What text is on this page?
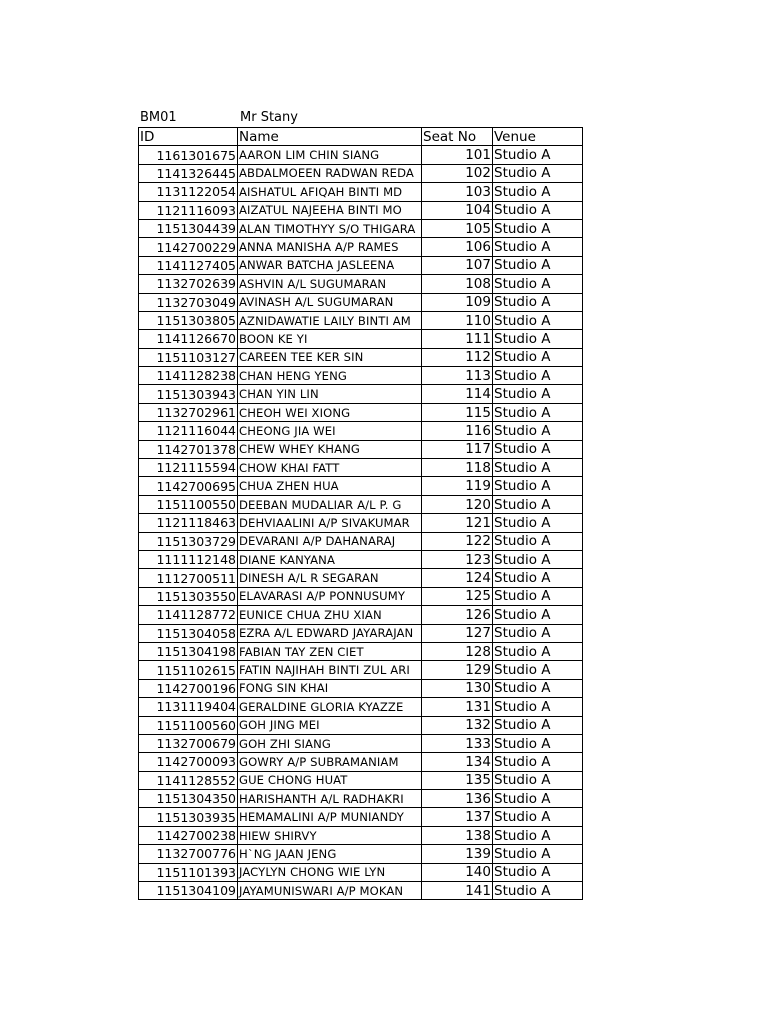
BM01	Mr Stany
ID	Name	Seat No	Venue
1161301675	AARON LIM CHIN SIANG	101	Studio A
1141326445	ABDALMOEEN RADWAN REDA	102	Studio A
1131122054	AISHATUL AFIQAH BINTI MD	103	Studio A
1121116093	AIZATUL NAJEEHA BINTI MO	104	Studio A
1151304439	ALAN TIMOTHYY S/O THIGARA	105	Studio A
1142700229	ANNA MANISHA A/P RAMES	106	Studio A
1141127405	ANWAR BATCHA JASLEENA	107	Studio A
1132702639	ASHVIN A/L SUGUMARAN	108	Studio A
1132703049	AVINASH A/L SUGUMARAN	109	Studio A
1151303805	AZNIDAWATIE LAILY BINTI AM	110	Studio A
1141126670	BOON KE YI	111	Studio A
1151103127	CAREEN TEE KER SIN	112	Studio A
1141128238	CHAN HENG YENG	113	Studio A
1151303943	CHAN YIN LIN	114	Studio A
1132702961	CHEOH WEI XIONG	115	Studio A
1121116044	CHEONG JIA WEI	116	Studio A
1142701378	CHEW WHEY KHANG	117	Studio A
1121115594	CHOW KHAI FATT	118	Studio A
1142700695	CHUA ZHEN HUA	119	Studio A
1151100550	DEEBAN MUDALIAR A/L P. G	120	Studio A
1121118463	DEHVIAALINI A/P SIVAKUMAR	121	Studio A
1151303729	DEVARANI A/P DAHANARAJ	122	Studio A
1111112148	DIANE KANYANA	123	Studio A
1112700511	DINESH A/L R SEGARAN	124	Studio A
1151303550	ELAVARASI A/P PONNUSUMY	125	Studio A
1141128772	EUNICE CHUA ZHU XIAN	126	Studio A
1151304058	EZRA A/L EDWARD JAYARAJAN	127	Studio A
1151304198	FABIAN TAY ZEN CIET	128	Studio A
1151102615	FATIN NAJIHAH BINTI ZUL ARI	129	Studio A
1142700196	FONG SIN KHAI	130	Studio A
1131119404	GERALDINE GLORIA KYAZZE	131	Studio A
1151100560	GOH JING MEI	132	Studio A
1132700679	GOH ZHI SIANG	133	Studio A
1142700093	GOWRY A/P SUBRAMANIAM	134	Studio A
1141128552	GUE CHONG HUAT	135	Studio A
1151304350	HARISHANTH A/L RADHAKRI	136	Studio A
1151303935	HEMAMALINI A/P MUNIANDY	137	Studio A
1142700238	HIEW SHIRVY	138	Studio A
1132700776	H`NG JAAN JENG	139	Studio A
1151101393	JACYLYN CHONG WIE LYN	140	Studio A
1151304109	JAYAMUNISWARI A/P MOKAN	141	Studio A
